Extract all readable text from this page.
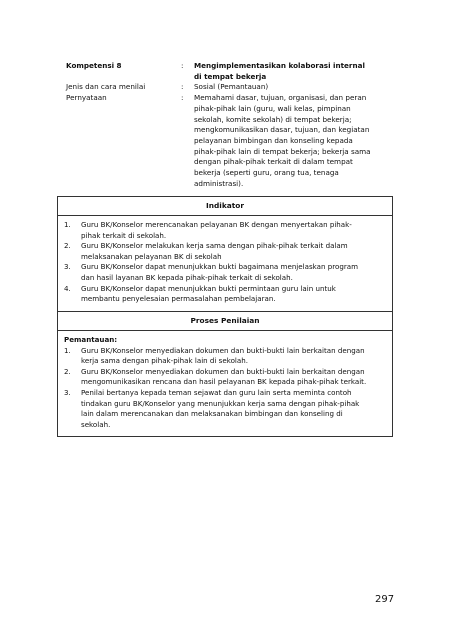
Kompetensi 8	:	Mengimplementasikan kolaborasi internal
di tempat bekerja
Jenis dan cara menilai	:	Sosial (Pemantauan)
Pernyataan	:	Memahami dasar, tujuan, organisasi, dan peran
pihak-pihak lain (guru, wali kelas, pimpinan
sekolah, komite sekolah) di tempat bekerja;
mengkomunikasikan dasar, tujuan, dan kegiatan
pelayanan bimbingan dan konseling kepada
pihak-pihak lain di tempat bekerja; bekerja sama
dengan pihak-pihak terkait di dalam tempat
bekerja (seperti guru, orang tua, tenaga
administrasi).
Indikator
1.	Guru BK/Konselor merencanakan pelayanan BK dengan menyertakan pihak-
pihak terkait di sekolah.
2.	Guru BK/Konselor melakukan kerja sama dengan pihak-pihak terkait dalam
melaksanakan pelayanan BK di sekolah
3.	Guru BK/Konselor dapat menunjukkan bukti bagaimana menjelaskan program
dan hasil layanan BK kepada pihak-pihak terkait di sekolah.
4.	Guru BK/Konselor dapat menunjukkan bukti permintaan guru lain untuk
membantu penyelesaian permasalahan pembelajaran.
Proses Penilaian
Pemantauan:
1.	Guru BK/Konselor menyediakan dokumen dan bukti-bukti lain berkaitan dengan
kerja sama dengan pihak-pihak lain di sekolah.
2.	Guru BK/Konselor menyediakan dokumen dan bukti-bukti lain berkaitan dengan
mengomunikasikan rencana dan hasil pelayanan BK kepada pihak-pihak terkait.
3.	Penilai bertanya kepada teman sejawat dan guru lain serta meminta contoh
tindakan guru BK/Konselor yang menunjukkan kerja sama dengan pihak-pihak
lain dalam merencanakan dan melaksanakan bimbingan dan konseling di
sekolah.
297
